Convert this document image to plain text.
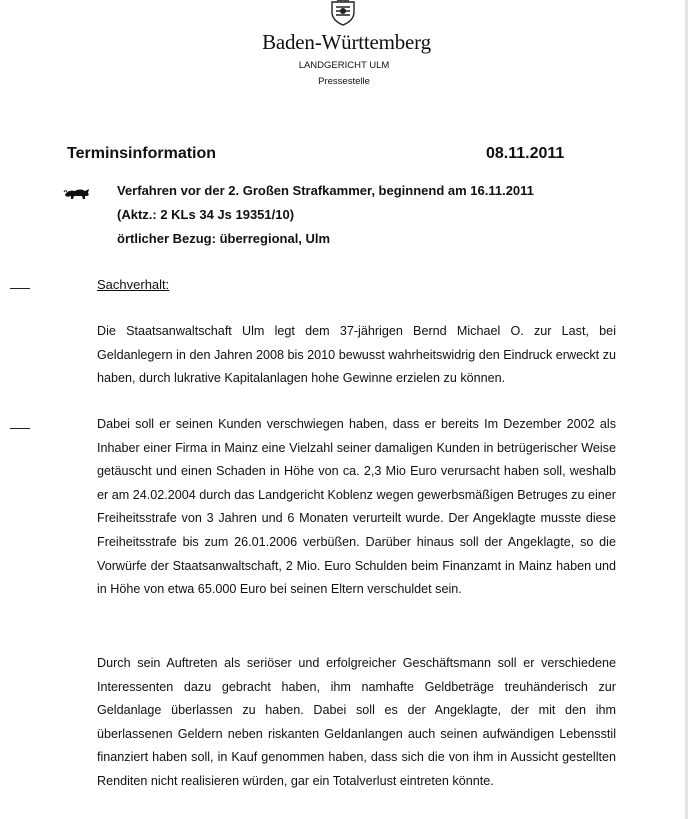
Baden-Württemberg
LANDGERICHT ULM
Pressestelle
Terminsinformation	08.11.2011
Verfahren vor der 2. Großen Strafkammer, beginnend am 16.11.2011
(Aktz.: 2 KLs 34 Js 19351/10)
örtlicher Bezug: überregional, Ulm
Sachverhalt:

Die Staatsanwaltschaft Ulm legt dem 37-jährigen Bernd Michael O. zur Last, bei Geldanlegern in den Jahren 2008 bis 2010 bewusst wahrheitswidrig den Eindruck erweckt zu haben, durch lukrative Kapitalanlagen hohe Gewinne erzielen zu können.

Dabei soll er seinen Kunden verschwiegen haben, dass er bereits Im Dezember 2002 als Inhaber einer Firma in Mainz eine Vielzahl seiner damaligen Kunden in betrügerischer Weise getäuscht und einen Schaden in Höhe von ca. 2,3 Mio Euro verursacht haben soll, weshalb er am 24.02.2004 durch das Landgericht Koblenz wegen gewerbsmäßigen Betruges zu einer Freiheitsstrafe von 3 Jahren und 6 Monaten verurteilt wurde. Der Angeklagte musste diese Freiheitsstrafe bis zum 26.01.2006 verbüßen. Darüber hinaus soll der Angeklagte, so die Vorwürfe der Staatsanwaltschaft, 2 Mio. Euro Schulden beim Finanzamt in Mainz haben und in Höhe von etwa 65.000 Euro bei seinen Eltern verschuldet sein.

Durch sein Auftreten als seriöser und erfolgreicher Geschäftsmann soll er verschiedene Interessenten dazu gebracht haben, ihm namhafte Geldbeträge treuhänderisch zur Geldanlage überlassen zu haben. Dabei soll es der Angeklagte, der mit den ihm überlassenen Geldern neben riskanten Geldanlangen auch seinen aufwändigen Lebensstil finanziert haben soll, in Kauf genommen haben, dass sich die von ihm in Aussicht gestellten Renditen nicht realisieren würden, gar ein Totalverlust eintreten könnte.
